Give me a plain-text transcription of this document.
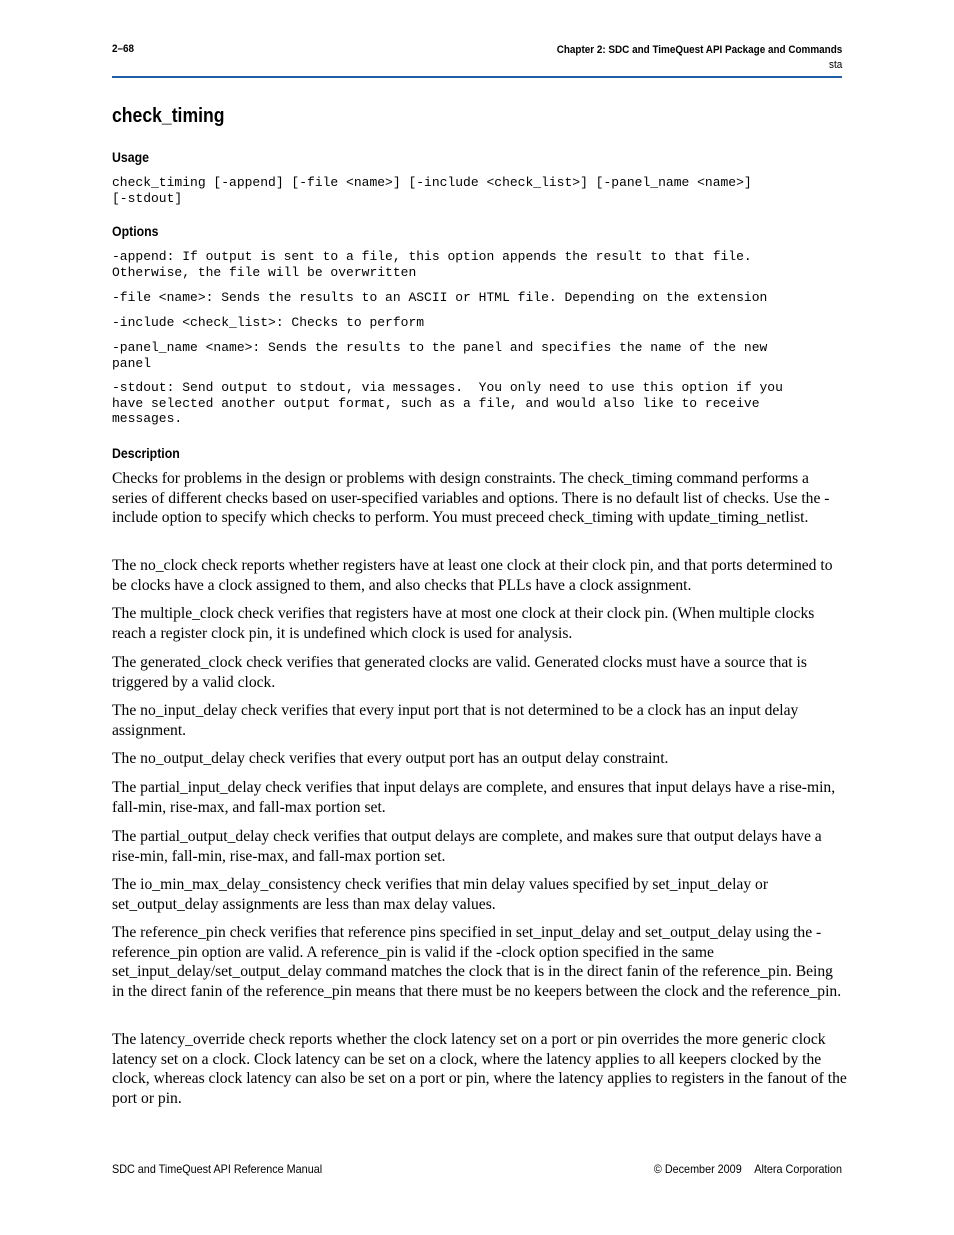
2–68	Chapter 2: SDC and TimeQuest API Package and Commands
sta
check_timing
Usage
check_timing [-append] [-file <name>] [-include <check_list>] [-panel_name <name>]
[-stdout]
Options
-append: If output is sent to a file, this option appends the result to that file.
Otherwise, the file will be overwritten
-file <name>: Sends the results to an ASCII or HTML file. Depending on the extension
-include <check_list>: Checks to perform
-panel_name <name>: Sends the results to the panel and specifies the name of the new
panel
-stdout: Send output to stdout, via messages.  You only need to use this option if you
have selected another output format, such as a file, and would also like to receive
messages.
Description
Checks for problems in the design or problems with design constraints. The check_timing command performs a series of different checks based on user-specified variables and options. There is no default list of checks. Use the -include option to specify which checks to perform. You must preceed check_timing with update_timing_netlist.
The no_clock check reports whether registers have at least one clock at their clock pin, and that ports determined to be clocks have a clock assigned to them, and also checks that PLLs have a clock assignment.
The multiple_clock check verifies that registers have at most one clock at their clock pin. (When multiple clocks reach a register clock pin, it is undefined which clock is used for analysis.
The generated_clock check verifies that generated clocks are valid. Generated clocks must have a source that is triggered by a valid clock.
The no_input_delay check verifies that every input port that is not determined to be a clock has an input delay assignment.
The no_output_delay check verifies that every output port has an output delay constraint.
The partial_input_delay check verifies that input delays are complete, and ensures that input delays have a rise-min, fall-min, rise-max, and fall-max portion set.
The partial_output_delay check verifies that output delays are complete, and makes sure that output delays have a rise-min, fall-min, rise-max, and fall-max portion set.
The io_min_max_delay_consistency check verifies that min delay values specified by set_input_delay or set_output_delay assignments are less than max delay values.
The reference_pin check verifies that reference pins specified in set_input_delay and set_output_delay using the -reference_pin option are valid. A reference_pin is valid if the -clock option specified in the same set_input_delay/set_output_delay command matches the clock that is in the direct fanin of the reference_pin. Being in the direct fanin of the reference_pin means that there must be no keepers between the clock and the reference_pin.
The latency_override check reports whether the clock latency set on a port or pin overrides the more generic clock latency set on a clock. Clock latency can be set on a clock, where the latency applies to all keepers clocked by the clock, whereas clock latency can also be set on a port or pin, where the latency applies to registers in the fanout of the port or pin.
SDC and TimeQuest API Reference Manual	© December 2009 Altera Corporation
